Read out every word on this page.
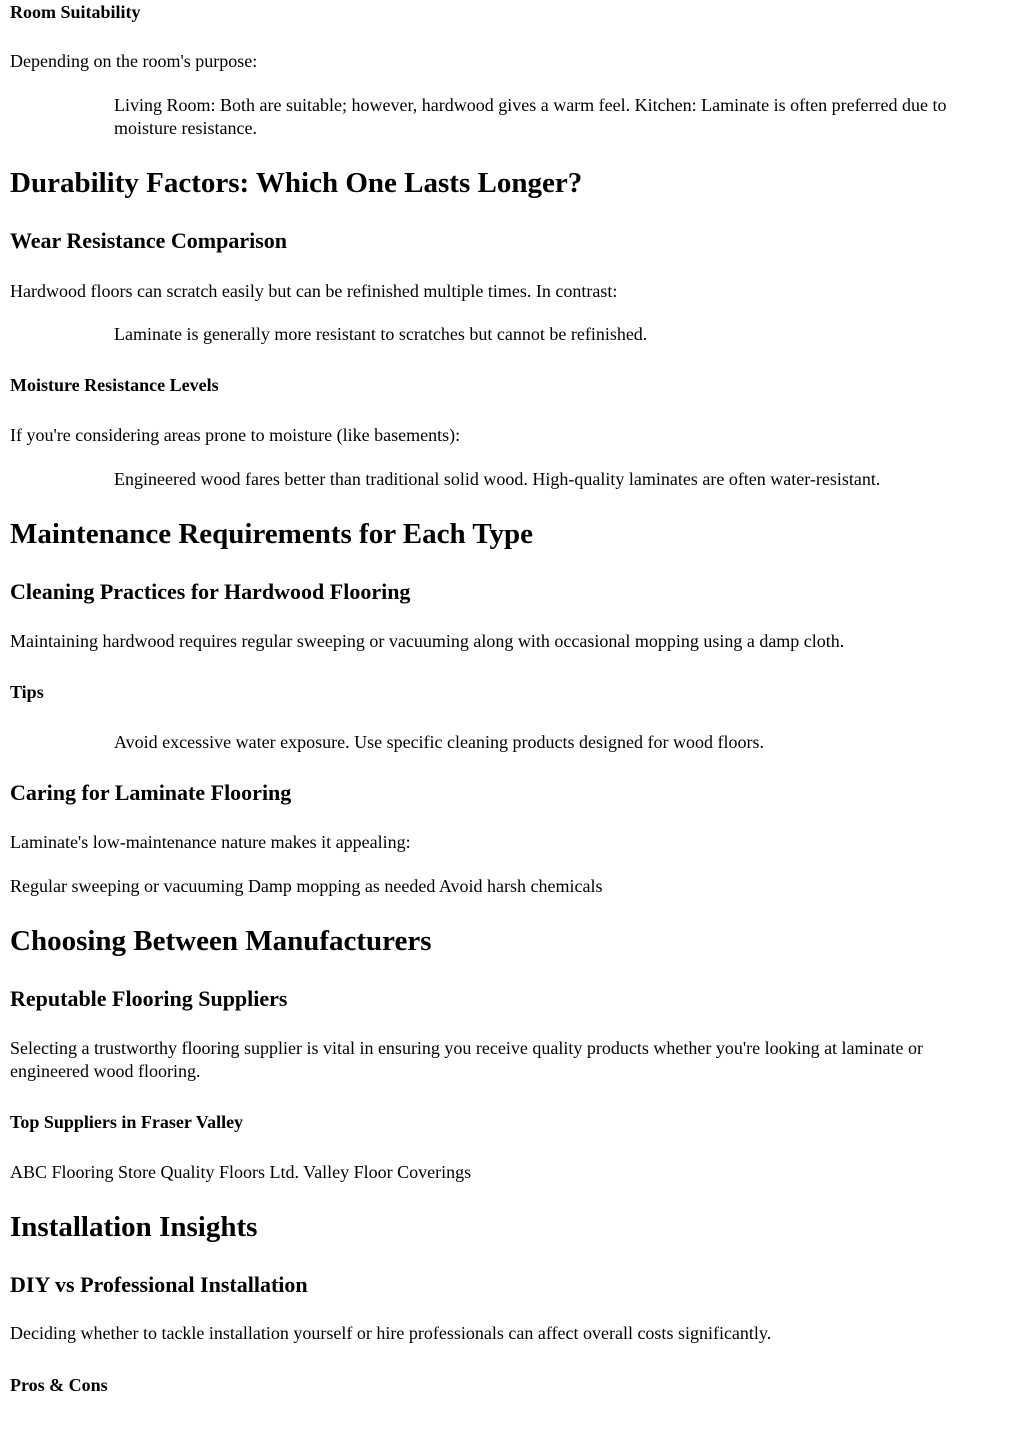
Room Suitability

Depending on the room's purpose:

Living Room: Both are suitable; however, hardwood gives a warm feel. Kitchen: Laminate is often preferred due to moisture resistance.
Durability Factors: Which One Lasts Longer?
Wear Resistance Comparison

Hardwood floors can scratch easily but can be refinished multiple times. In contrast:

Laminate is generally more resistant to scratches but cannot be refinished.
Moisture Resistance Levels

If you're considering areas prone to moisture (like basements):

Engineered wood fares better than traditional solid wood. High-quality laminates are often water-resistant.
Maintenance Requirements for Each Type
Cleaning Practices for Hardwood Flooring

Maintaining hardwood requires regular sweeping or vacuuming along with occasional mopping using a damp cloth.

Tips
Avoid excessive water exposure. Use specific cleaning products designed for wood floors.
Caring for Laminate Flooring

Laminate's low-maintenance nature makes it appealing:

Regular sweeping or vacuuming Damp mopping as needed Avoid harsh chemicals

Choosing Between Manufacturers
Reputable Flooring Suppliers

Selecting a trustworthy flooring supplier is vital in ensuring you receive quality products whether you're looking at laminate or engineered wood flooring.

Top Suppliers in Fraser Valley

ABC Flooring Store Quality Floors Ltd. Valley Floor Coverings

Installation Insights
DIY vs Professional Installation

Deciding whether to tackle installation yourself or hire professionals can affect overall costs significantly.

Pros & Cons
